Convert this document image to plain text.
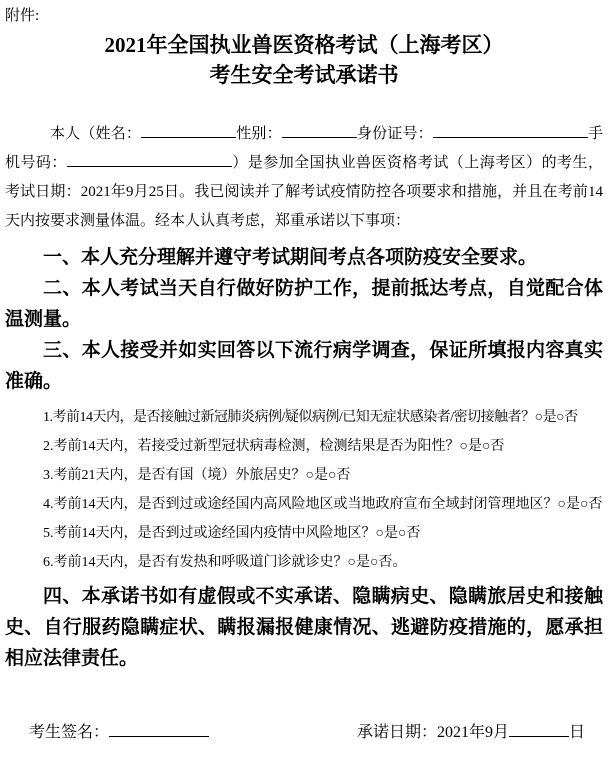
附件:
2021年全国执业兽医资格考试（上海考区）
考生安全考试承诺书

本人（姓名：	性别：	身份证号：	手机号码：	）是参加全国执业兽医资格考试（上海考区）的考生，考试日期：2021年9月25日。我已阅读并了解考试疫情防控各项要求和措施，并且在考前14天内按要求测量体温。经本人认真考虑，郑重承诺以下事项：

一、本人充分理解并遵守考试期间考点各项防疫安全要求。

二、本人考试当天自行做好防护工作，提前抵达考点，自觉配合体温测量。

三、本人接受并如实回答以下流行病学调查，保证所填报内容真实准确。

1.考前14天内，是否接触过新冠肺炎病例/疑似病例/已知无症状感染者/密切接触者？○是○否

2.考前14天内，若接受过新型冠状病毒检测，检测结果是否为阳性？○是○否

3.考前21天内，是否有国（境）外旅居史？○是○否

4.考前14天内，是否到过或途经国内高风险地区或当地政府宣布全域封闭管理地区？○是○否

5.考前14天内，是否到过或途经国内疫情中风险地区？○是○否

6.考前14天内，是否有发热和呼吸道门诊就诊史？○是○否。

四、本承诺书如有虚假或不实承诺、隐瞒病史、隐瞒旅居史和接触史、自行服药隐瞒症状、瞒报漏报健康情况、逃避防疫措施的，愿承担相应法律责任。

考生签名：	承诺日期：2021年9月	日
